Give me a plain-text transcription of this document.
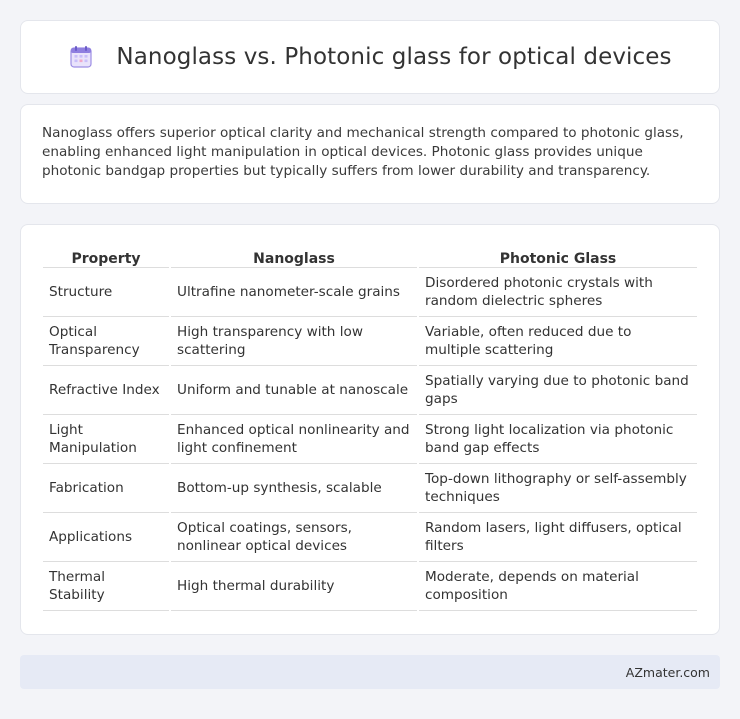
Nanoglass vs. Photonic glass for optical devices

Nanoglass offers superior optical clarity and mechanical strength compared to photonic glass, enabling enhanced light manipulation in optical devices. Photonic glass provides unique photonic bandgap properties but typically suffers from lower durability and transparency.

Property	Nanoglass	Photonic Glass
Structure	Ultrafine nanometer-scale grains	Disordered photonic crystals with random dielectric spheres
Optical Transparency	High transparency with low scattering	Variable, often reduced due to multiple scattering
Refractive Index	Uniform and tunable at nanoscale	Spatially varying due to photonic band gaps
Light Manipulation	Enhanced optical nonlinearity and light confinement	Strong light localization via photonic band gap effects
Fabrication	Bottom-up synthesis, scalable	Top-down lithography or self-assembly techniques
Applications	Optical coatings, sensors, nonlinear optical devices	Random lasers, light diffusers, optical filters
Thermal Stability	High thermal durability	Moderate, depends on material composition
AZmater.com
